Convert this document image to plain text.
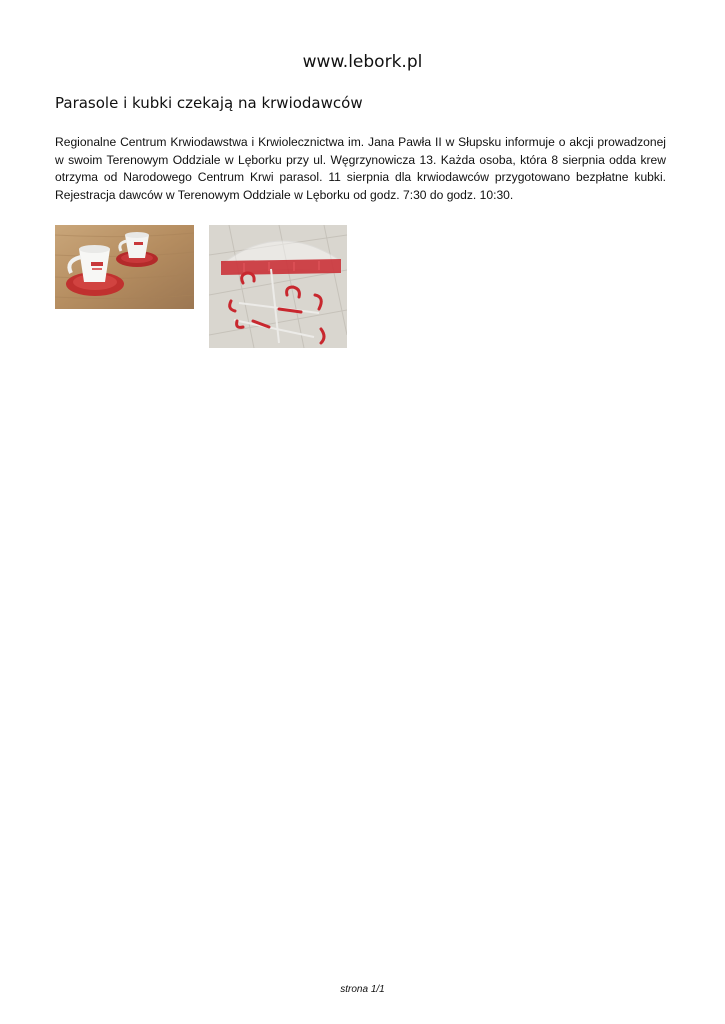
www.lebork.pl
Parasole i kubki czekają na krwiodawców

Regionalne Centrum Krwiodawstwa i Krwiolecznictwa im. Jana Pawła II w Słupsku informuje o akcji prowadzonej w swoim Terenowym Oddziale w Lęborku przy ul. Węgrzynowicza 13. Każda osoba, która 8 sierpnia odda krew otrzyma od Narodowego Centrum Krwi parasol. 11 sierpnia dla krwiodawców przygotowano bezpłatne kubki. Rejestracja dawców w Terenowym Oddziale w Lęborku od godz. 7:30 do godz. 10:30.

strona 1/1
